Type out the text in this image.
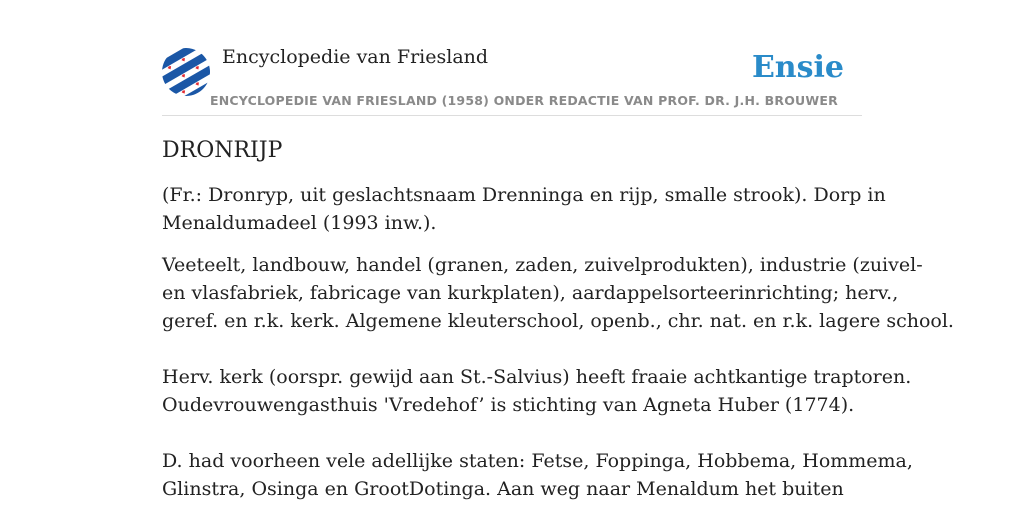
Encyclopedie van Friesland	Ensie
ENCYCLOPEDIE VAN FRIESLAND (1958) ONDER REDACTIE VAN PROF. DR. J.H. BROUWER
DRONRIJP

(Fr.: Dronryp, uit geslachtsnaam Drenninga en rijp, smalle strook). Dorp in
Menaldumadeel (1993 inw.).

Veeteelt, landbouw, handel (granen, zaden, zuivelprodukten), industrie (zuivel-
en vlasfabriek, fabricage van kurkplaten), aardappelsorteerinrichting; herv.,
geref. en r.k. kerk. Algemene kleuterschool, openb., chr. nat. en r.k. lagere school.

Herv. kerk (oorspr. gewijd aan St.-Salvius) heeft fraaie achtkantige traptoren.
Oudevrouwengasthuis 'Vredehof’ is stichting van Agneta Huber (1774).

D. had voorheen vele adellijke staten: Fetse, Foppinga, Hobbema, Hommema,
Glinstra, Osinga en GrootDotinga. Aan weg naar Menaldum het buiten
